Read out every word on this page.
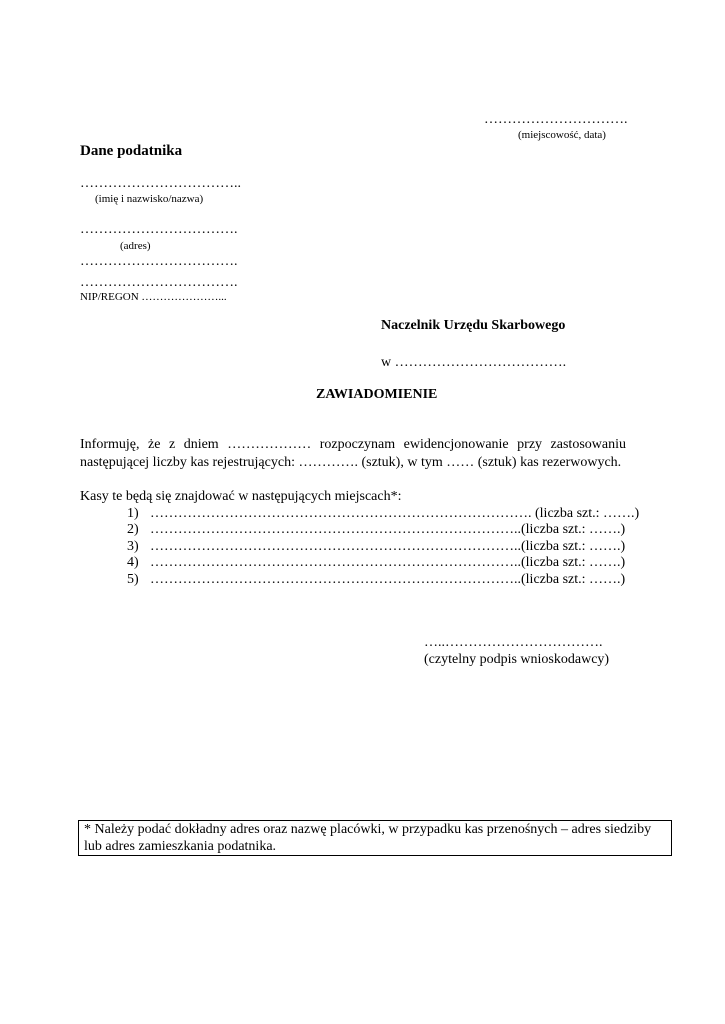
………………………….
(miejscowość, data)
Dane podatnika
……………………………..
(imię i nazwisko/nazwa)
…………………………….
(adres)
…………………………….
…………………………….
NIP/REGON …………………...
Naczelnik Urzędu Skarbowego
w ……………………………….
ZAWIADOMIENIE
Informuję, że z dniem ……………… rozpoczynam ewidencjonowanie przy zastosowaniu
następującej liczby kas rejestrujących: …………. (sztuk), w tym …… (sztuk) kas rezerwowych.
Kasy te będą się znajdować w następujących miejscach*:
1) ………………………………………………………………………. (liczba szt.: …….)
2) ……………………………………………………………………..(liczba szt.: …….)
3) ……………………………………………………………………..(liczba szt.: …….)
4) ……………………………………………………………………..(liczba szt.: …….)
5) ……………………………………………………………………..(liczba szt.: …….)
…..…………………………….
(czytelny podpis wnioskodawcy)
* Należy podać dokładny adres oraz nazwę placówki, w przypadku kas przenośnych – adres siedziby
lub adres zamieszkania podatnika.
